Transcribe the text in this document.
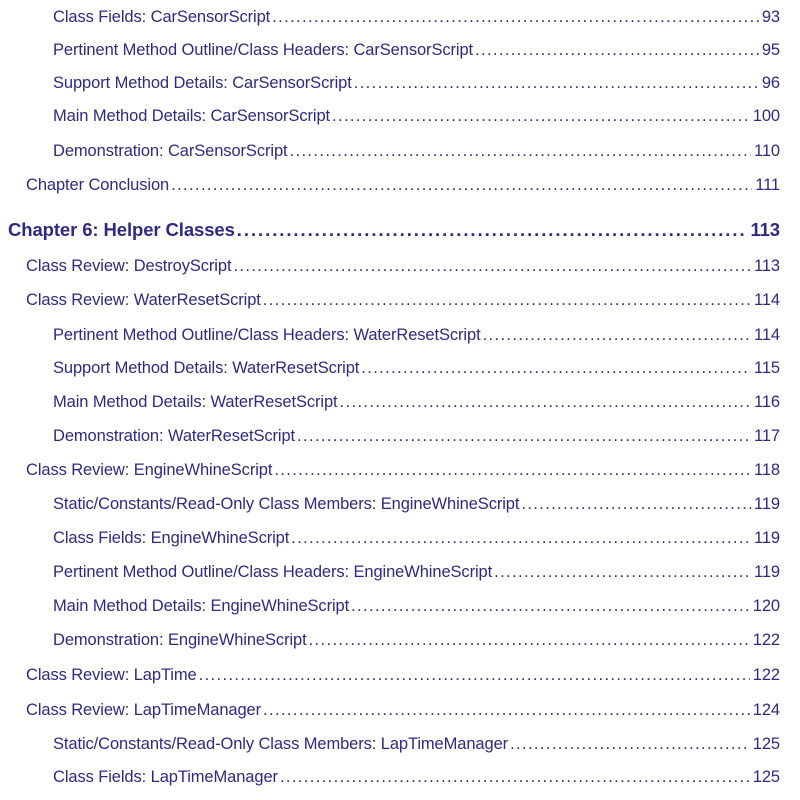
Class Fields: CarSensorScript . . .	93
Pertinent Method Outline/Class Headers: CarSensorScript . . .	95
Support Method Details: CarSensorScript . . .	96
Main Method Details: CarSensorScript . . .	100
Demonstration: CarSensorScript . . .	110
Chapter Conclusion . . .	111
Chapter 6: Helper Classes . . .	113
Class Review: DestroyScript . . .	113
Class Review: WaterResetScript . . .	114
Pertinent Method Outline/Class Headers: WaterResetScript . . .	114
Support Method Details: WaterResetScript . . .	115
Main Method Details: WaterResetScript . . .	116
Demonstration: WaterResetScript . . .	117
Class Review: EngineWhineScript . . .	118
Static/Constants/Read-Only Class Members: EngineWhineScript . . .	119
Class Fields: EngineWhineScript . . .	119
Pertinent Method Outline/Class Headers: EngineWhineScript . . .	119
Main Method Details: EngineWhineScript . . .	120
Demonstration: EngineWhineScript . . .	122
Class Review: LapTime . . .	122
Class Review: LapTimeManager . . .	124
Static/Constants/Read-Only Class Members: LapTimeManager . . .	125
Class Fields: LapTimeManager . . .	125
